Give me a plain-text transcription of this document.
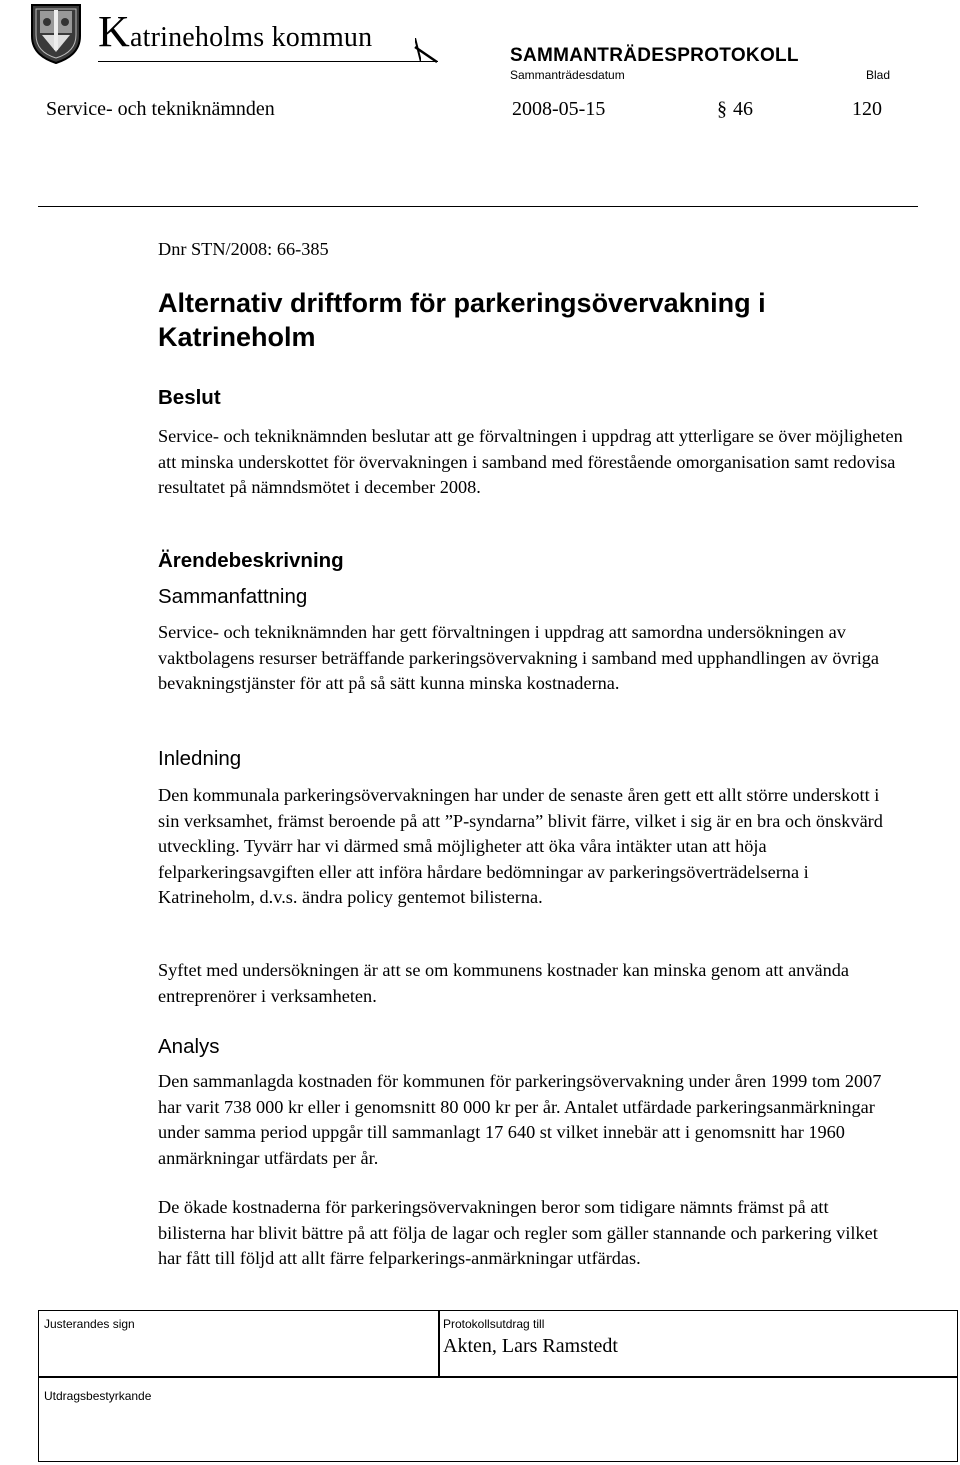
Katrineholms kommun
SAMMANTRÄDESPROTOKOLL
Sammanträdesdatum	Blad
Service- och tekniknämnden	2008-05-15	§ 46	120
Dnr STN/2008: 66-385
Alternativ driftform för parkeringsövervakning i Katrineholm
Beslut

Service- och tekniknämnden beslutar att ge förvaltningen i uppdrag att ytterligare se över möjligheten att minska underskottet för övervakningen i samband med förestående omorganisation samt redovisa resultatet på nämndsmötet i december 2008.

Ärendebeskrivning
Sammanfattning

Service- och tekniknämnden har gett förvaltningen i uppdrag att samordna undersökningen av vaktbolagens resurser beträffande parkeringsövervakning i samband med upphandlingen av övriga bevakningstjänster för att på så sätt kunna minska kostnaderna.

Inledning

Den kommunala parkeringsövervakningen har under de senaste åren gett ett allt större underskott i sin verksamhet, främst beroende på att ”P-syndarna” blivit färre, vilket i sig är en bra och önskvärd utveckling. Tyvärr har vi därmed små möjligheter att öka våra intäkter utan att höja felparkeringsavgiften eller att införa hårdare bedömningar av parkeringsöverträdelserna i Katrineholm, d.v.s. ändra policy gentemot bilisterna.

Syftet med undersökningen är att se om kommunens kostnader kan minska genom att använda entreprenörer i verksamheten.

Analys

Den sammanlagda kostnaden för kommunen för parkeringsövervakning under åren 1999 tom 2007 har varit 738 000 kr eller i genomsnitt 80 000 kr per år. Antalet utfärdade parkeringsanmärkningar under samma period uppgår till sammanlagt 17 640 st vilket innebär att i genomsnitt har 1960 anmärkningar utfärdats per år.

De ökade kostnaderna för parkeringsövervakningen beror som tidigare nämnts främst på att bilisterna har blivit bättre på att följa de lagar och regler som gäller stannande och parkering vilket har fått till följd att allt färre felparkerings-anmärkningar utfärdas.

Justerandes sign	Protokollsutdrag till
Akten, Lars Ramstedt
Utdragsbestyrkande
